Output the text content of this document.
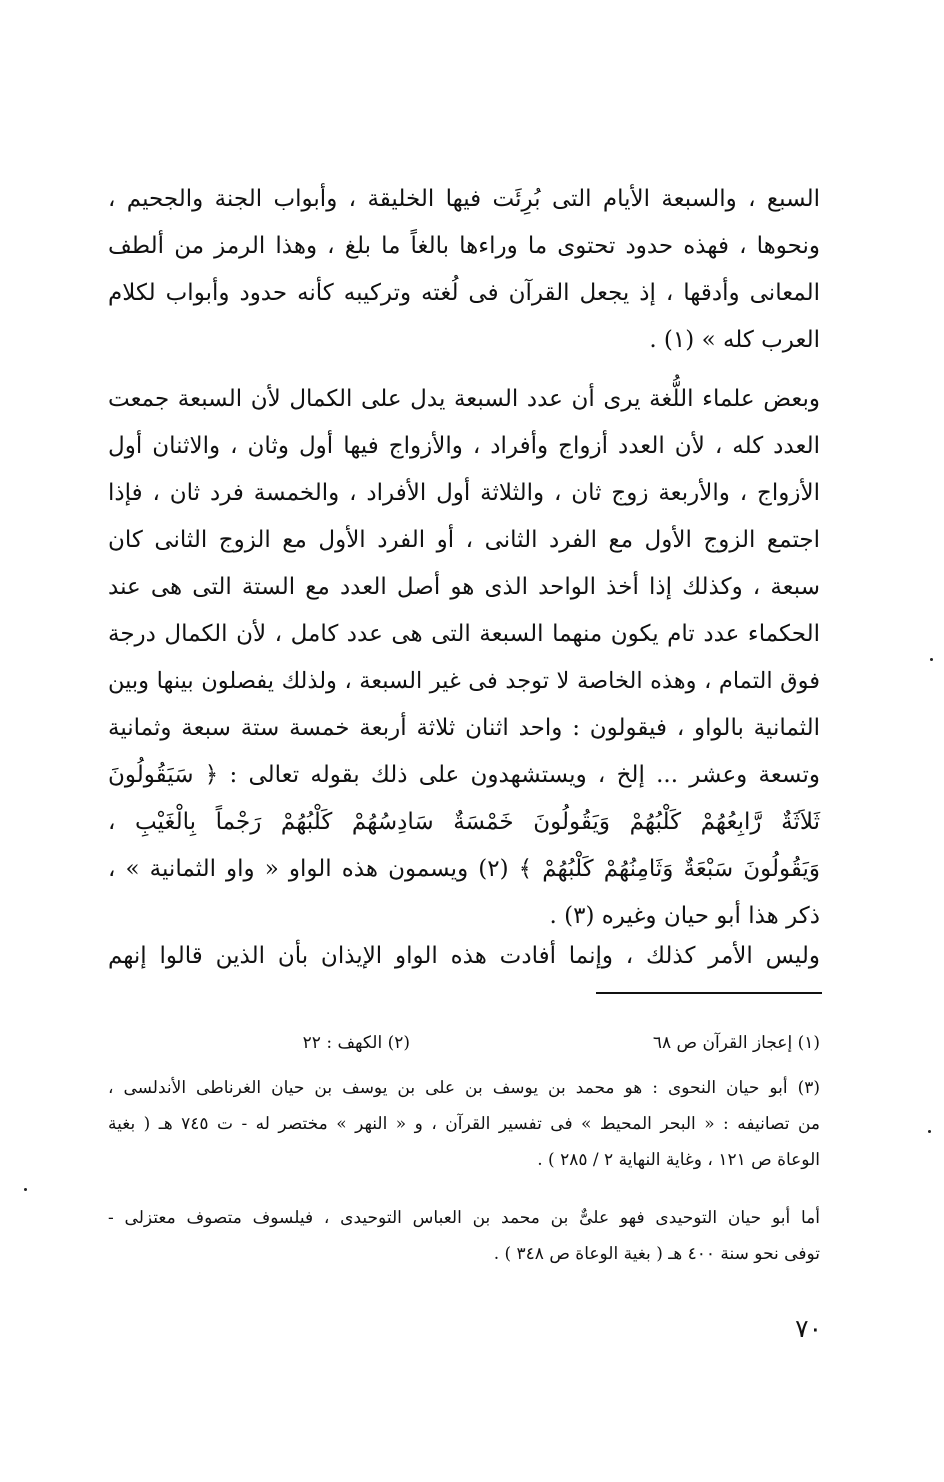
السبع ، والسبعة الأيام التى بُرِئَت فيها الخليقة ، وأبواب الجنة والجحيم ،
ونحوها ، فهذه حدود تحتوى ما وراءها بالغاً ما بلغ ، وهذا الرمز من ألطف
المعانى وأدقها ، إذ يجعل القرآن فى لُغته وتركيبه كأنه حدود وأبواب لكلام
العرب كله » (١) .
وبعض علماء اللُّغة يرى أن عدد السبعة يدل على الكمال لأن السبعة جمعت
العدد كله ، لأن العدد أزواج وأفراد ، والأزواج فيها أول وثان ، والاثنان أول
الأزواج ، والأربعة زوج ثان ، والثلاثة أول الأفراد ، والخمسة فرد ثان ، فإذا
اجتمع الزوج الأول مع الفرد الثانى ، أو الفرد الأول مع الزوج الثانى كان
سبعة ، وكذلك إذا أخذ الواحد الذى هو أصل العدد مع الستة التى هى عند
الحكماء عدد تام يكون منهما السبعة التى هى عدد كامل ، لأن الكمال درجة
فوق التمام ، وهذه الخاصة لا توجد فى غير السبعة ، ولذلك يفصلون بينها وبين
الثمانية بالواو ، فيقولون : واحد اثنان ثلاثة أربعة خمسة ستة سبعة وثمانية
وتسعة وعشر ... إلخ ، ويستشهدون على ذلك بقوله تعالى : ﴿ سَيَقُولُونَ
ثَلاَثَةٌ رَّابِعُهُمْ كَلْبُهُمْ وَيَقُولُونَ خَمْسَةٌ سَادِسُهُمْ كَلْبُهُمْ رَجْماً بِالْغَيْبِ ،
وَيَقُولُونَ سَبْعَةٌ وَثَامِنُهُمْ كَلْبُهُمْ ﴾ (٢) ويسمون هذه الواو « واو الثمانية » ،
ذكر هذا أبو حيان وغيره (٣) .
وليس الأمر كذلك ، وإنما أفادت هذه الواو الإيذان بأن الذين قالوا إنهم
(١) إعجاز القرآن ص ٦٨
(٢) الكهف : ٢٢
(٣) أبو حيان النحوى : هو محمد بن يوسف بن على بن يوسف بن حيان الغرناطى الأندلسى ،
من تصانيفه : « البحر المحيط » فى تفسير القرآن ، و « النهر » مختصر له - ت ٧٤٥ هـ ( بغية
الوعاة ص ١٢١ ، وغاية النهاية ٢ / ٢٨٥ ) .
أما أبو حيان التوحيدى فهو علىٌّ بن محمد بن العباس التوحيدى ، فيلسوف متصوف معتزلى -
توفى نحو سنة ٤٠٠ هـ ( بغية الوعاة ص ٣٤٨ ) .
٧٠
